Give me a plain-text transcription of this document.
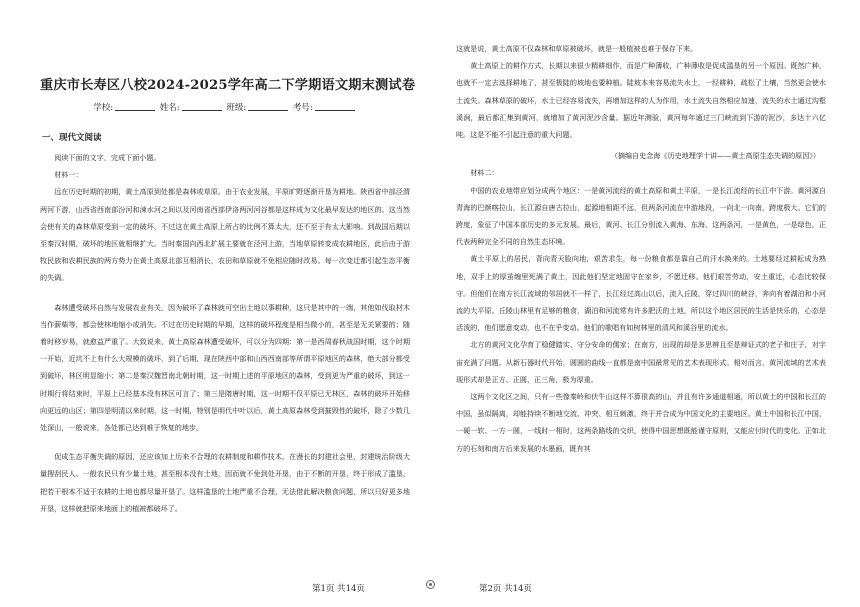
重庆市长寿区八校2024-2025学年高二下学期语文期末测试卷
学校:	姓名:	班级:	考号:
一、现代文阅读

阅读下面的文字，完成下面小题。

材料一：

远在历史时期的初期，黄土高原到处都是森林或草原。由于农业发展，平原旷野逐渐开垦为耕地。陕西省中部泾渭两河下游，山西省西南部汾河和涑水河之间以及河南省西部伊洛两河河谷都是这样成为文化最早发达的地区的。这当然会使有关的森林草原受到一定的破坏，不过这在黄土高原上所占的比例不算太大，还不至于有太大影响。到战国后期以至秦汉时期，破坏的地区就相继扩大。当时秦国向西北扩展主要就在泾河上游，当地草原转变成农耕地区，此后由于游牧民族和农耕民族的两方势力在黄土高原北部互相消长，农田和草原就不免相应随时改易。每一次变迁都引起生态平衡的失调。

森林遭受破坏自然与发展农业有关，因为破坏了森林就可空出土地以事耕种，这只是其中的一端，其他如伐取材木当作薪柴等，都会使林地缩小或消失。不过在历史时期的早期，这样的破坏程度是相当微小的，甚至是无关紧要的；随着时移岁易，就愈益严重了。大致说来，黄土高原森林遭受破坏，可以分为四期：第一是西周春秋战国时期，这个时期一开始，近坑不上有什么大规模的破坏，到了后期，现在陕西中部和山西西南部等所谓平原地区的森林，绝大部分都受到破坏，林区明显缩小；第二是秦汉魏晋南北朝时期，这一时期上述的平原地区的森林，受到更为严重的破坏，到这一时期行将结束时，平原上已经基本没有林区可言了；第三是隋唐时期，这一时期不仅平原已无林区，森林的破坏开始移向更远的山区；第四是明清以来时期，这一时期，特别是明代中叶以后，黄土高原森林受到摧毁性的破坏，除了少数几处深山，一般说来，各处都已达到难于恢复的地步。

促成生态平衡失调的原因，还应该加上历来不合理的农耕制度和耕作技术。在漫长的封建社会里，封建统治阶级大量搜刮民人。一般农民只有少量土地，甚至根本没有土地，因而就不免到处开垦，由于不断的开垦，终于形成了滥垦，把若干根本不适于农耕的土地也都尽量开垦了。这样滥垦的土地严重不合理，无法借此解决粮食问题，所以只好更多地开垦，这样就把原来地面上的植被都破坏了。

这就是说，黄土高原不仅森林和草原被破坏，就是一般植被也难于保存下来。

黄土高原上的耕作方式，长期以来很少精耕细作，而是广种薄收，广种薄收是促成滥垦的另一个原因。既然广种，也就不一定去选择耕地了，甚至极陡的坡地也要种植。陡坡本来容易流失水土，一经耕种，疏松了土壤，当然更会使水土流失。森林草原的破坏，水土已经容易流失，再增加这样的人为作用，水土流失自然相应加速，流失的水土通过沟壑溪涧，最后都汇集到黄河，就增加了黄河泥沙含量。据近年测验，黄河每年通过三门峡流到下游的泥沙，多达十六亿吨。这是不能不引起注意的重大问题。

（摘编自史念海《历史地理学十讲——黄土高原生态失调的原因》）

材料二：

中国的农业地带应划分成两个地区：一是黄河流经的黄土高原和黄土平原，一是长江流经的长江中下游。黄河源自青海的巴颜喀拉山，长江源自唐古拉山，起源地相距不远，但两条河流在中游地段，一向北一向南，跨度极大。它们的跨度，象征了中国本部历史的多元发展。最后，黄河、长江分别流入黄海、东海，这两条河，一是黄色，一是绿色，正代表两种完全不同的自然生态环境。

黄土平原上的居民，背向青天脸向地，艰苦求生，每一份粮食都是靠自己的汗水换来的。土地要经过耕耘成为熟地，双手上的厚茧缠里死满了黄土，因此他们坚定地固守在家乡，不愿迁移。他们艰苦劳动，安土重迁，心态比较保守。但他们在南方长江流域的邻居就不一样了，长江经过高山以后，流入丘陵，穿过四川的峡谷，奔向有着湖泊和小河流的大平原。丘陵山林里有足够的粮食，湖泊和河流常有许多肥沃的土地，所以这个地区居民的生活是快乐的，心态是活泼的，他们愿意变动，也不在乎变动。他们的歌唱有如树林里的清风和溪谷里的流水。

北方的黄河文化孕育了稳健踏实、守分安命的儒家；在南方，出现的却是多思辨且至是辩证式的老子和庄子，对宇宙充满了问题。从新石器时代开始，圆圆的曲线一直都是南中国最常见的艺术表现形式。相对而言，黄河流域的艺术表现形式却是正方、正圆、正三角，极为厚重。

这两个文化区之间，只有一些像秦岭和伏牛山这样不算很高的山，并且有许多通道相通，所以黄土的中国和长江的中国，虽似隔离，却能持续不断地交流、冲突、相互刺激，终于并合成为中国文化的主要地区。黄土中国和长江中国，一硬一软、一方一圆，一线时一相时，这两条路线的交织，使得中国思想既能谨守原则，又能应付时代的变化。正如北方的石刻和南方后来发展的水墨画，既有其

第1页 共14页	第2页 共14页
